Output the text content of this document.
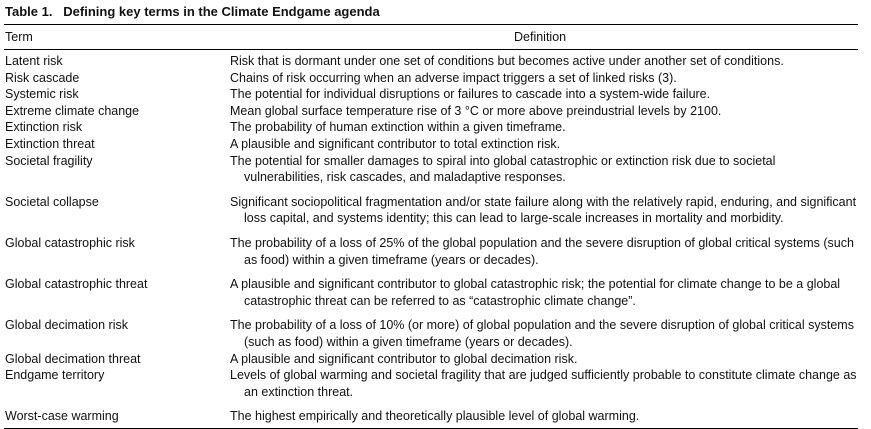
Table 1. Defining key terms in the Climate Endgame agenda
Term	Definition
Latent risk	Risk that is dormant under one set of conditions but becomes active under another set of conditions.
Risk cascade	Chains of risk occurring when an adverse impact triggers a set of linked risks (3).
Systemic risk	The potential for individual disruptions or failures to cascade into a system-wide failure.
Extreme climate change	Mean global surface temperature rise of 3 °C or more above preindustrial levels by 2100.
Extinction risk	The probability of human extinction within a given timeframe.
Extinction threat	A plausible and significant contributor to total extinction risk.
Societal fragility	The potential for smaller damages to spiral into global catastrophic or extinction risk due to societal vulnerabilities, risk cascades, and maladaptive responses.
Societal collapse	Significant sociopolitical fragmentation and/or state failure along with the relatively rapid, enduring, and significant loss capital, and systems identity; this can lead to large-scale increases in mortality and morbidity.
Global catastrophic risk	The probability of a loss of 25% of the global population and the severe disruption of global critical systems (such as food) within a given timeframe (years or decades).
Global catastrophic threat	A plausible and significant contributor to global catastrophic risk; the potential for climate change to be a global catastrophic threat can be referred to as “catastrophic climate change”.
Global decimation risk	The probability of a loss of 10% (or more) of global population and the severe disruption of global critical systems (such as food) within a given timeframe (years or decades).
Global decimation threat	A plausible and significant contributor to global decimation risk.
Endgame territory	Levels of global warming and societal fragility that are judged sufficiently probable to constitute climate change as an extinction threat.
Worst-case warming	The highest empirically and theoretically plausible level of global warming.
